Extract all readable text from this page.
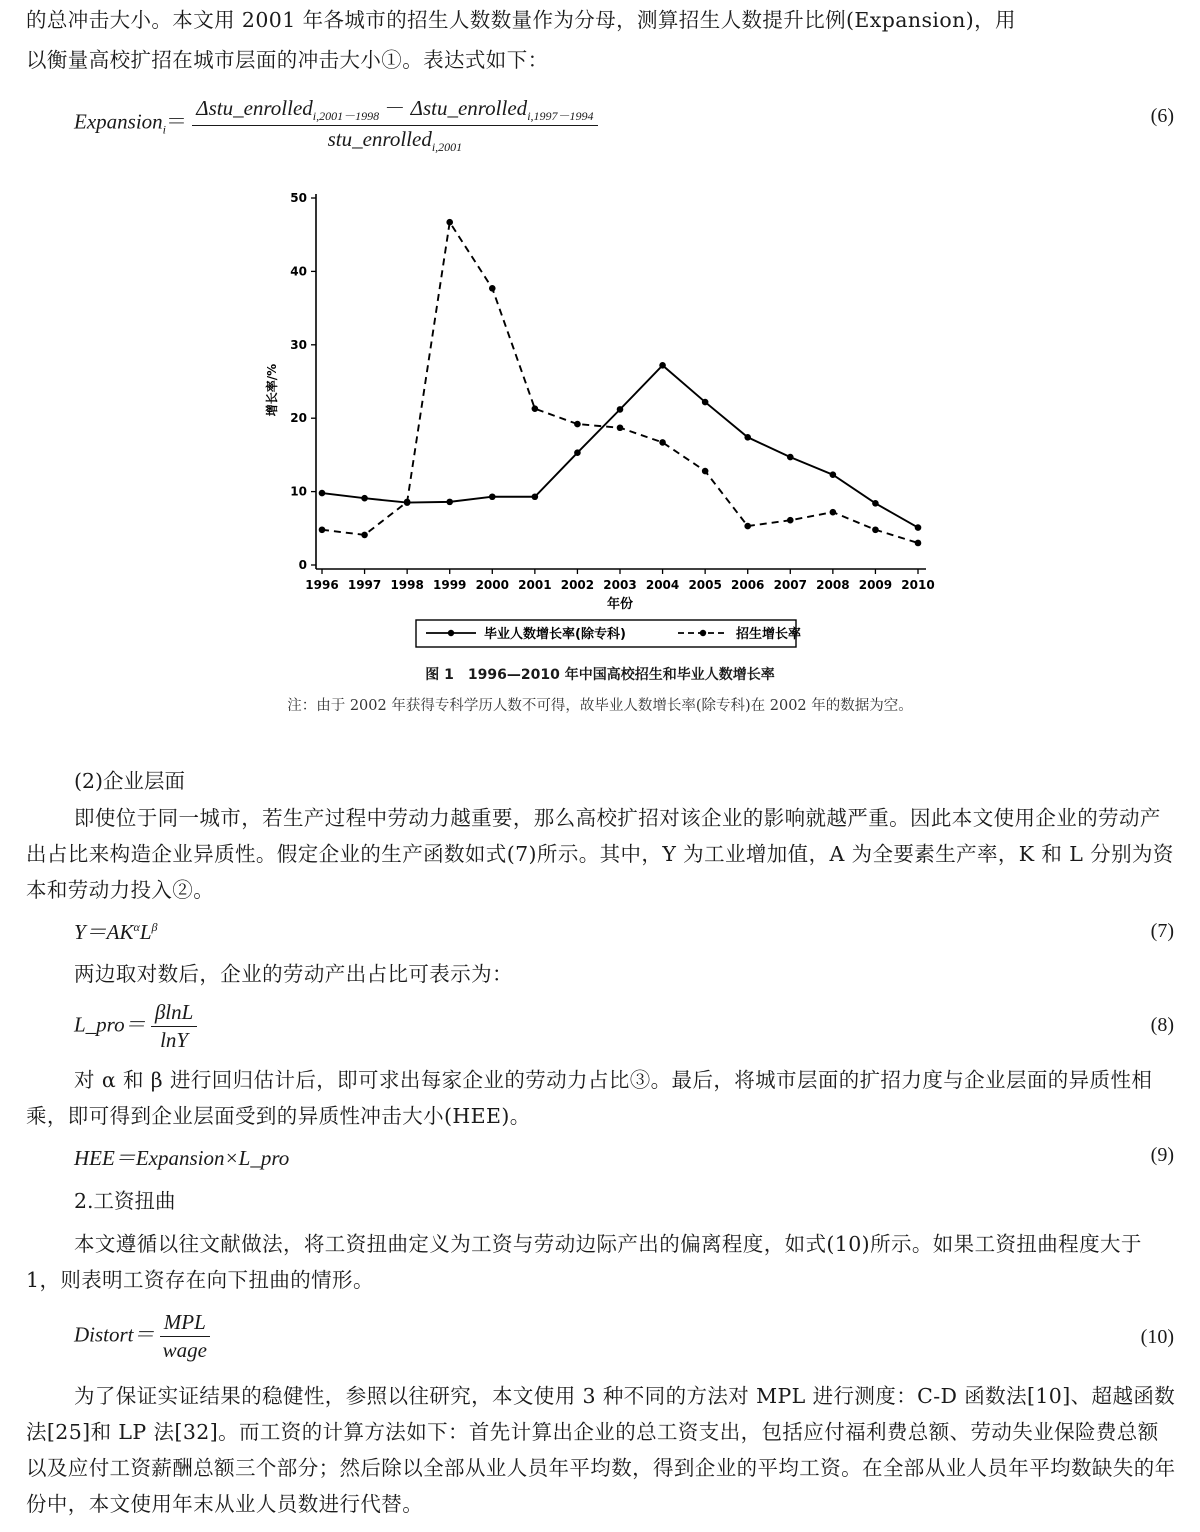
的总冲击大小。本文用 2001 年各城市的招生人数数量作为分母，测算招生人数提升比例(Expansion)，用
以衡量高校扩招在城市层面的冲击大小①。表达式如下：
Expansion$_i$＝
Δstu_enrolled$_{i,2001-1998}$ － Δstu_enrolled$_{i,1997-1994}$
stu_enrolled$_{i,2001}$
(6)
0
10
20
30
40
50
1996 1997 1998 1999 2000 2001 2002 2003 2004 2005 2006 2007 2008 2009 2010
增长率/%
年份
毕业人数增长率(除专科)	招生增长率
图 1　1996—2010 年中国高校招生和毕业人数增长率
注：由于 2002 年获得专科学历人数不可得，故毕业人数增长率(除专科)在 2002 年的数据为空。
(2)企业层面
即使位于同一城市，若生产过程中劳动力越重要，那么高校扩招对该企业的影响就越严重。因此本文使用企业的劳动产出占比来构造企业异质性。假定企业的生产函数如式(7)所示。其中，Y 为工业增加值，A 为全要素生产率，K 和 L 分别为资本和劳动力投入②。
$Y=AK^\alpha L^\beta$	(7)
两边取对数后，企业的劳动产出占比可表示为：
L_pro＝ $\frac{\beta\ln L}{\ln Y}$	(8)
对 α 和 β 进行回归估计后，即可求出每家企业的劳动力占比③。最后，将城市层面的扩招力度与企业层面的异质性相乘，即可得到企业层面受到的异质性冲击大小(HEE)。
HEE＝Expansion×L_pro	(9)
2.工资扭曲
本文遵循以往文献做法，将工资扭曲定义为工资与劳动边际产出的偏离程度，如式(10)所示。如果工资扭曲程度大于 1，则表明工资存在向下扭曲的情形。
Distort＝ $\frac{\text{MPL}}{\text{wage}}$	(10)
为了保证实证结果的稳健性，参照以往研究，本文使用 3 种不同的方法对 MPL 进行测度：C-D 函数法[10]、超越函数法[25]和 LP 法[32]。而工资的计算方法如下：首先计算出企业的总工资支出，包括应付福利费总额、劳动失业保险费总额以及应付工资薪酬总额三个部分；然后除以全部从业人员年平均数，得到企业的平均工资。在全部从业人员年平均数缺失的年份中，本文使用年末从业人员数进行代替。
